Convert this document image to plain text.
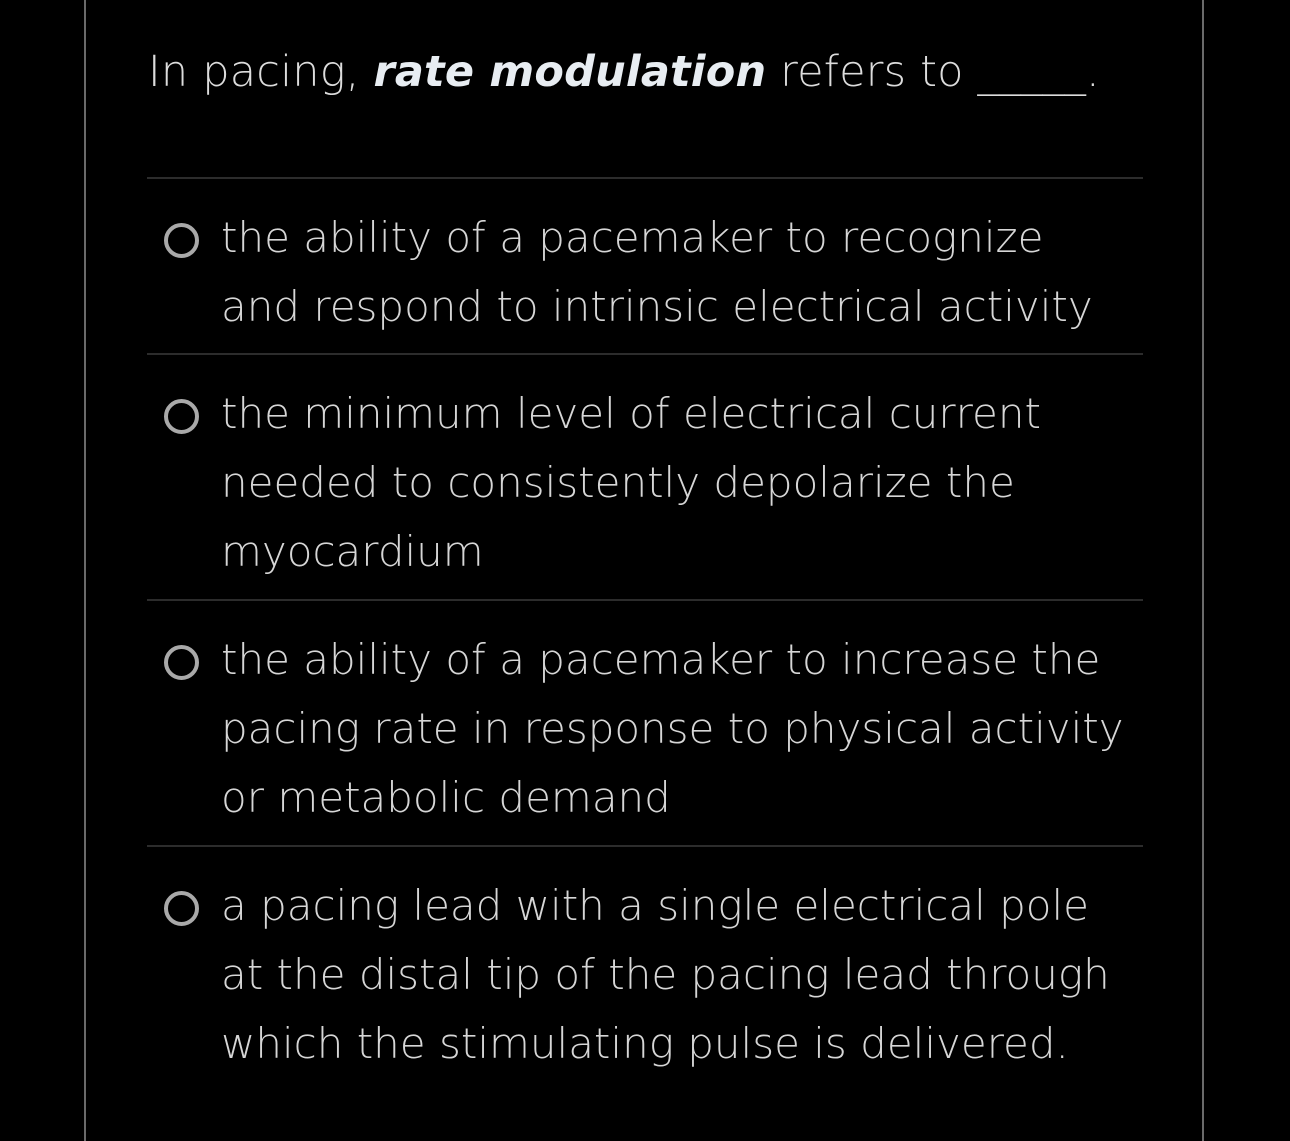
In pacing, rate modulation refers to _____.
the ability of a pacemaker to recognize and respond to intrinsic electrical activity
the minimum level of electrical current needed to consistently depolarize the myocardium
the ability of a pacemaker to increase the pacing rate in response to physical activity or metabolic demand
a pacing lead with a single electrical pole at the distal tip of the pacing lead through which the stimulating pulse is delivered.
